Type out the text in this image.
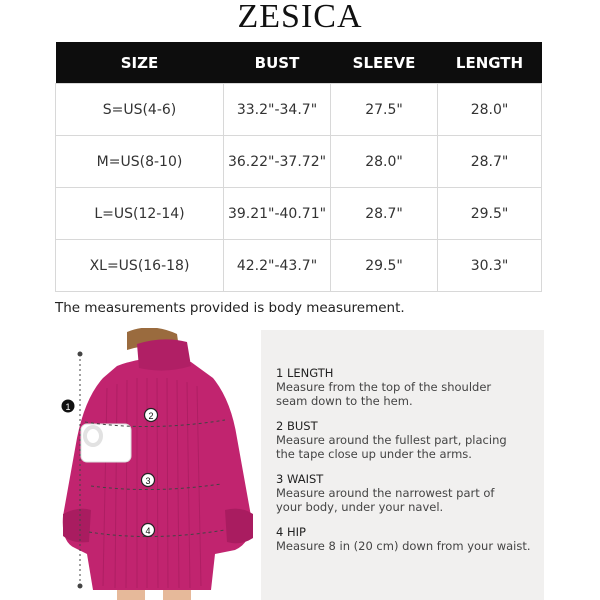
ZESICA
SIZE	BUST	SLEEVE	LENGTH
S=US(4-6)	33.2"-34.7"	27.5"	28.0"
M=US(8-10)	36.22"-37.72"	28.0"	28.7"
L=US(12-14)	39.21"-40.71"	28.7"	29.5"
XL=US(16-18)	42.2"-43.7"	29.5"	30.3"
The measurements provided is body measurement.
1
2
3
4
1 LENGTH
Measure from the top of the shoulder
seam down to the hem.
2 BUST
Measure around the fullest part, placing
the tape close up under the arms.
3 WAIST
Measure around the narrowest part of
your body, under your navel.
4 HIP
Measure 8 in (20 cm) down from your waist.
